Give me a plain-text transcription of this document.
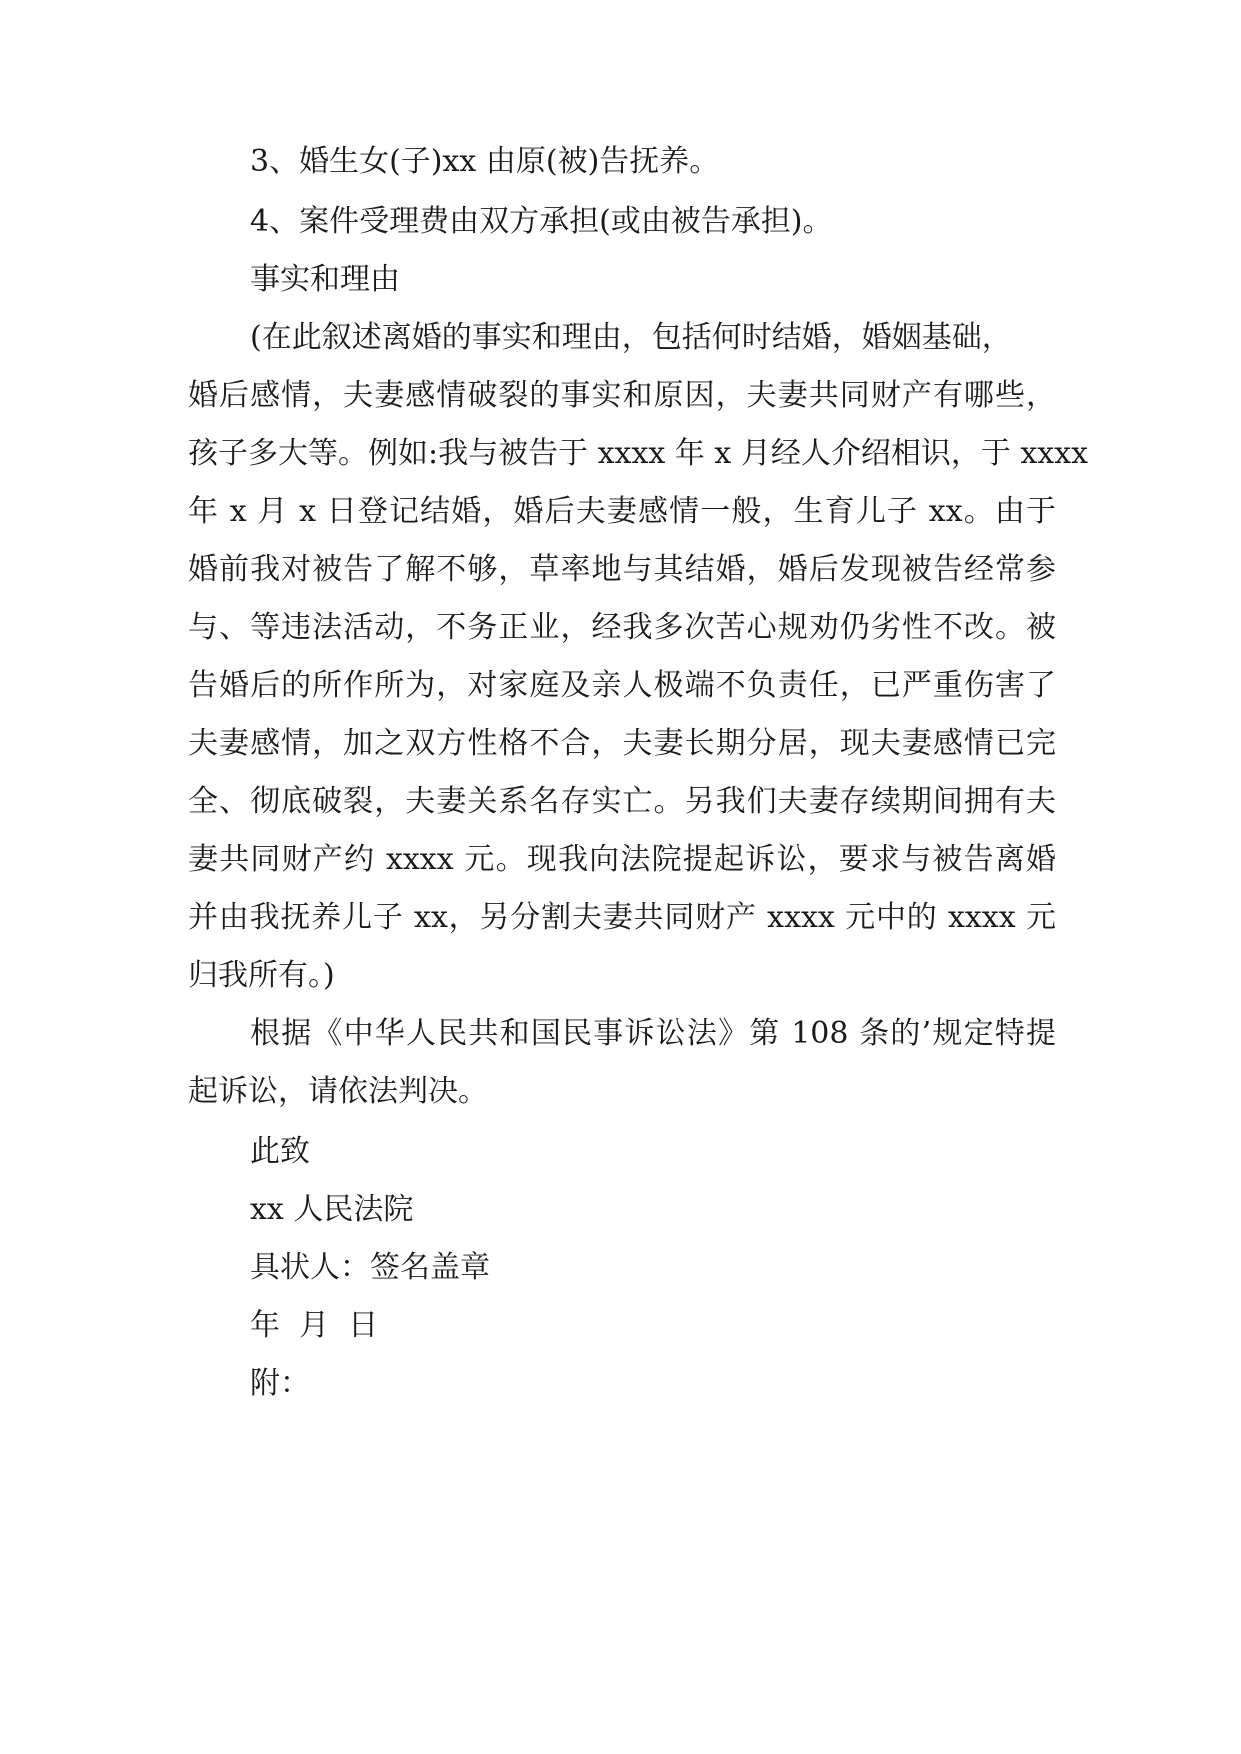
3、婚生女(子)xx 由原(被)告抚养。

4、案件受理费由双方承担(或由被告承担)。

事实和理由

(在此叙述离婚的事实和理由，包括何时结婚，婚姻基础，

婚后感情，夫妻感情破裂的事实和原因，夫妻共同财产有哪些，

孩子多大等。例如:我与被告于 xxxx 年 x 月经人介绍相识，于 xxxx

年 x 月 x 日登记结婚，婚后夫妻感情一般，生育儿子 xx。由于

婚前我对被告了解不够，草率地与其结婚，婚后发现被告经常参

与、等违法活动，不务正业，经我多次苦心规劝仍劣性不改。被

告婚后的所作所为，对家庭及亲人极端不负责任，已严重伤害了

夫妻感情，加之双方性格不合，夫妻长期分居，现夫妻感情已完

全、彻底破裂，夫妻关系名存实亡。另我们夫妻存续期间拥有夫

妻共同财产约 xxxx 元。现我向法院提起诉讼，要求与被告离婚

并由我抚养儿子 xx，另分割夫妻共同财产 xxxx 元中的 xxxx 元

归我所有。)

根据《中华人民共和国民事诉讼法》第 108 条的’规定特提

起诉讼，请依法判决。

此致

xx 人民法院

具状人：签名盖章

年  月  日

附：
